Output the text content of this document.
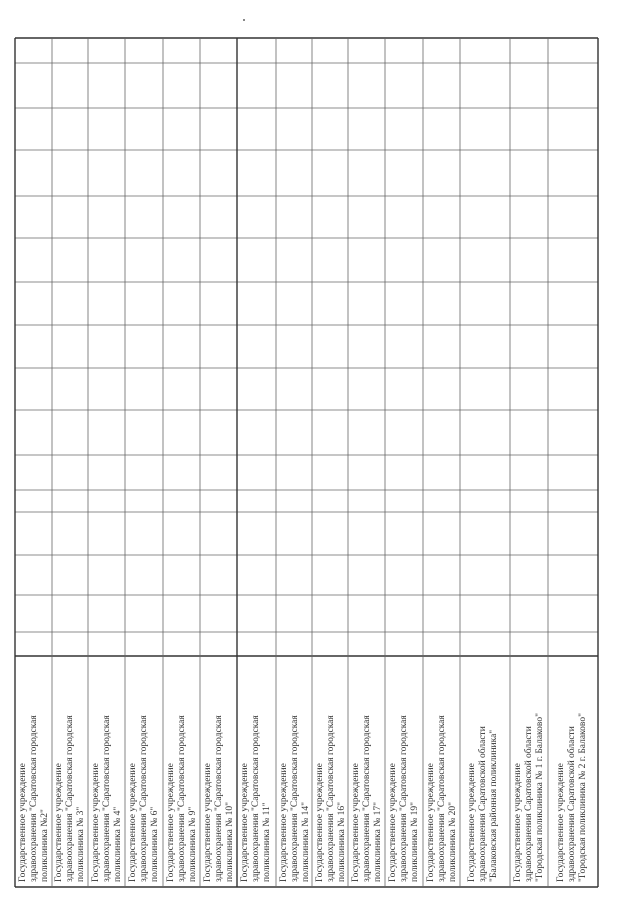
Государственное учреждение здравоохранения "Саратовская городская поликлиника №2" Государственное учреждение здравоохранения "Саратовская городская поликлиника № 3" Государственное учреждение здравоохранения "Саратовская городская поликлиника № 4" Государственное учреждение здравоохранения "Саратовская городская поликлиника № 6" Государственное учреждение здравоохранения "Саратовская городская поликлиника № 9" Государственное учреждение здравоохранения "Саратовская городская поликлиника № 10" Государственное учреждение здравоохранения "Саратовская городская поликлиника № 11" Государственное учреждение здравоохранения "Саратовская городская поликлиника № 14" Государственное учреждение здравоохранения "Саратовская городская поликлиника № 16" Государственное учреждение здравоохранения "Саратовская городская поликлиника № 17" Государственное учреждение здравоохранения "Саратовская городская поликлиника № 19" Государственное учреждение здравоохранения "Саратовская городская поликлиника № 20" Государственное учреждение здравоохранения Саратовской области "Балаковская районная поликлиника" Государственное учреждение здравоохранения Саратовской области "Городская поликлиника № 1 г. Балаково" Государственное учреждение здравоохранения Саратовской области "Городская поликлиника № 2 г. Балаково"
